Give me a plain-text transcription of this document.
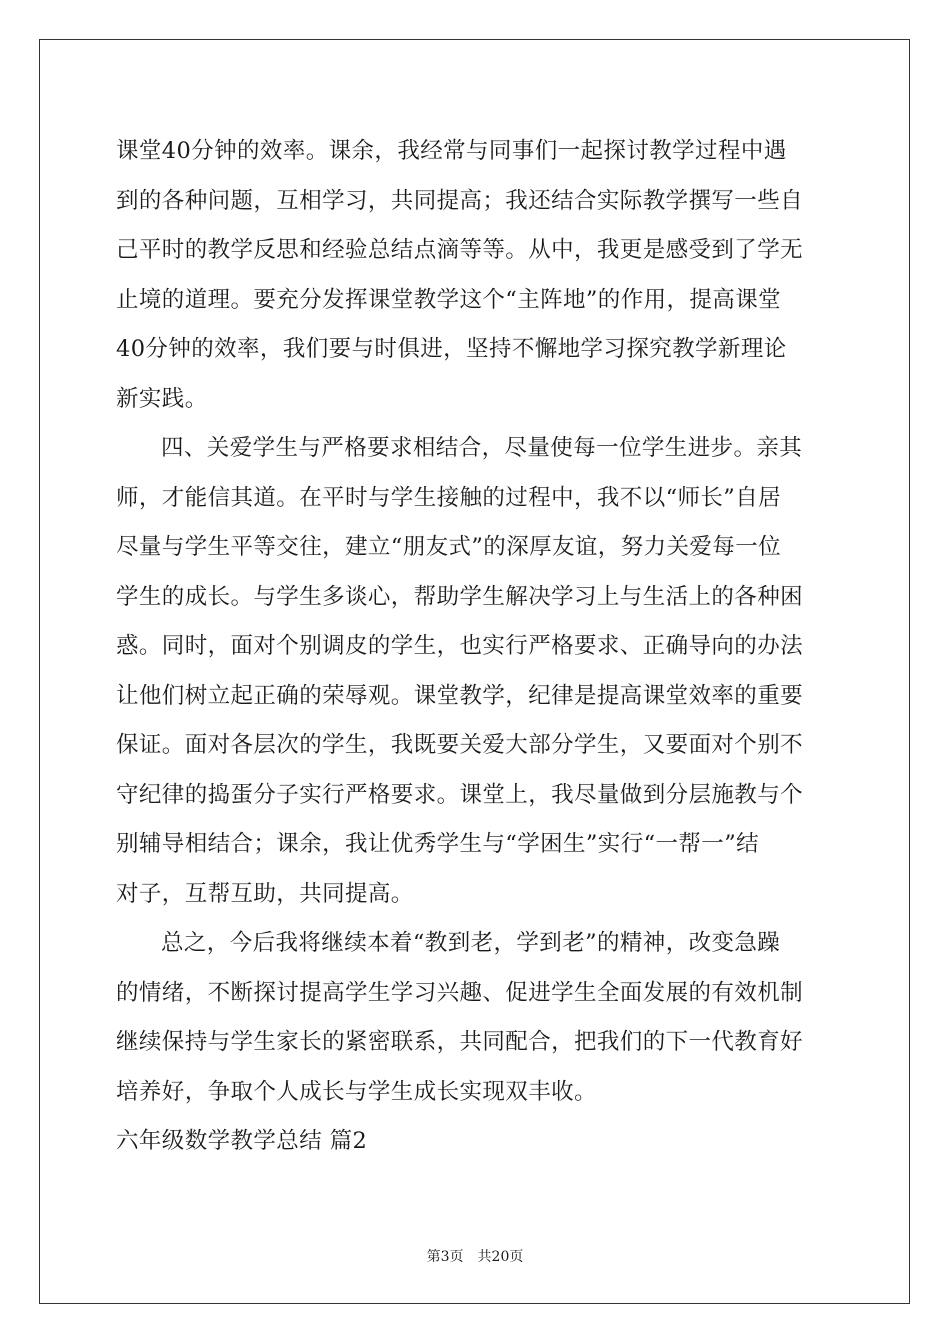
课堂40分钟的效率。课余，我经常与同事们一起探讨教学过程中遇
到的各种问题，互相学习，共同提高；我还结合实际教学撰写一些自
己平时的教学反思和经验总结点滴等等。从中，我更是感受到了学无
止境的道理。要充分发挥课堂教学这个“主阵地”的作用，提高课堂
40分钟的效率，我们要与时俱进，坚持不懈地学习探究教学新理论
新实践。
四、关爱学生与严格要求相结合，尽量使每一位学生进步。亲其
师，才能信其道。在平时与学生接触的过程中，我不以“师长”自居
尽量与学生平等交往，建立“朋友式”的深厚友谊，努力关爱每一位
学生的成长。与学生多谈心，帮助学生解决学习上与生活上的各种困
惑。同时，面对个别调皮的学生，也实行严格要求、正确导向的办法
让他们树立起正确的荣辱观。课堂教学，纪律是提高课堂效率的重要
保证。面对各层次的学生，我既要关爱大部分学生，又要面对个别不
守纪律的捣蛋分子实行严格要求。课堂上，我尽量做到分层施教与个
别辅导相结合；课余，我让优秀学生与“学困生”实行“一帮一”结
对子，互帮互助，共同提高。
总之，今后我将继续本着“教到老，学到老”的精神，改变急躁
的情绪，不断探讨提高学生学习兴趣、促进学生全面发展的有效机制
继续保持与学生家长的紧密联系，共同配合，把我们的下一代教育好
培养好，争取个人成长与学生成长实现双丰收。
六年级数学教学总结 篇2
第3页 共20页
